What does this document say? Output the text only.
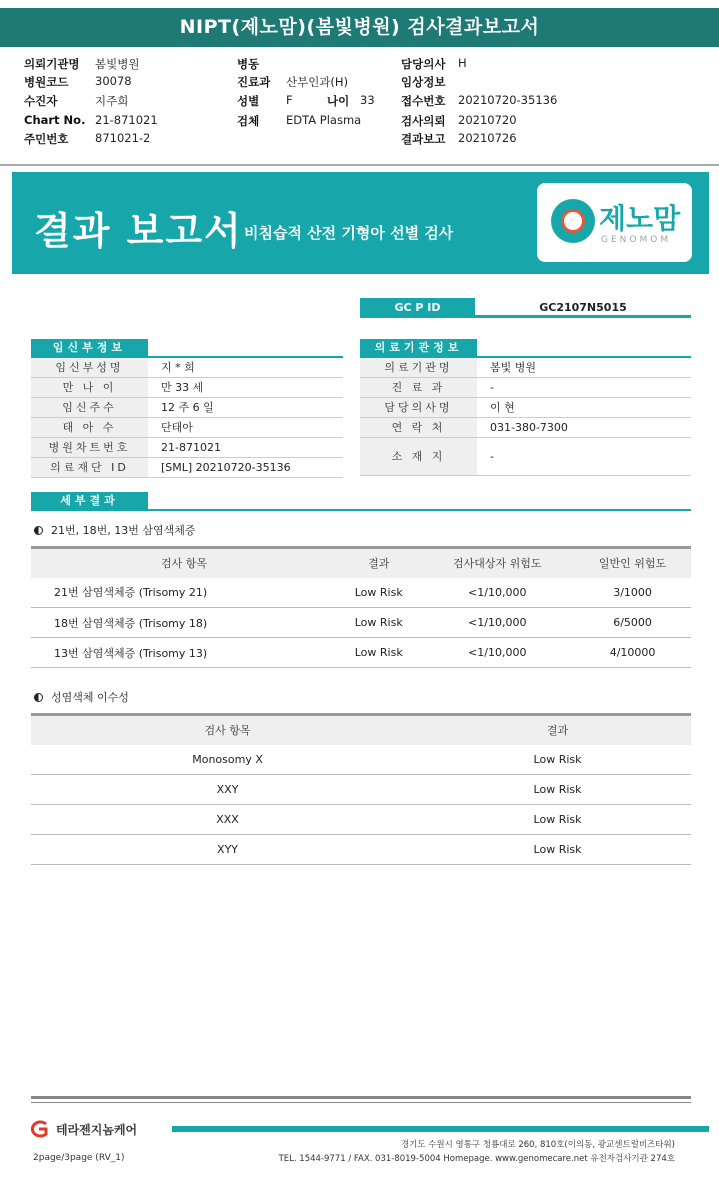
NIPT(제노맘)(봄빛병원) 검사결과보고서
의뢰기관명 봄빛병원	병동	담당의사 H
병원코드 30078	진료과 산부인과(H)	임상정보
수진자	지주희	성별 F	나이 33 접수번호 20210720-35136
Chart No. 21-871021	검체 EDTA Plasma	검사의뢰 20210720
주민번호 871021-2	결과보고 20210726
결과 보고서 비침습적 산전 기형아 선별 검사	제노맘
GENOMOM
GC P ID	GC2107N5015
임신부정보
임신부성명	지 * 희
만 나 이	만 33 세
임신주수	12 주 6 일
태 아 수	단태아
병원차트번호	21-871021
의료재단 ID	[SML] 20210720-35136
의료기관정보
의료기관명	봄빛 병원
진 료 과	-
담당의사명	이 현
연 락 처	031-380-7300
소 재 지	-
세부결과
21번, 18번, 13번 삼염색체증
검사 항목	결과	검사대상자 위험도	일반인 위험도
21번 삼염색체증 (Trisomy 21)	Low Risk	<1/10,000	3/1000
18번 삼염색체증 (Trisomy 18)	Low Risk	<1/10,000	6/5000
13번 삼염색체증 (Trisomy 13)	Low Risk	<1/10,000	4/10000
성염색체 이수성
검사 항목	결과
Monosomy X	Low Risk
XXY	Low Risk
XXX	Low Risk
XYY	Low Risk
테라젠지놈케어
경기도 수원시 영통구 청룡대로 260, 810호(이의동, 광교센트럴비즈타워)
TEL. 1544-9771 / FAX. 031-8019-5004 Homepage. www.genomecare.net 유전자검사기관 274호
2page/3page (RV_1)
